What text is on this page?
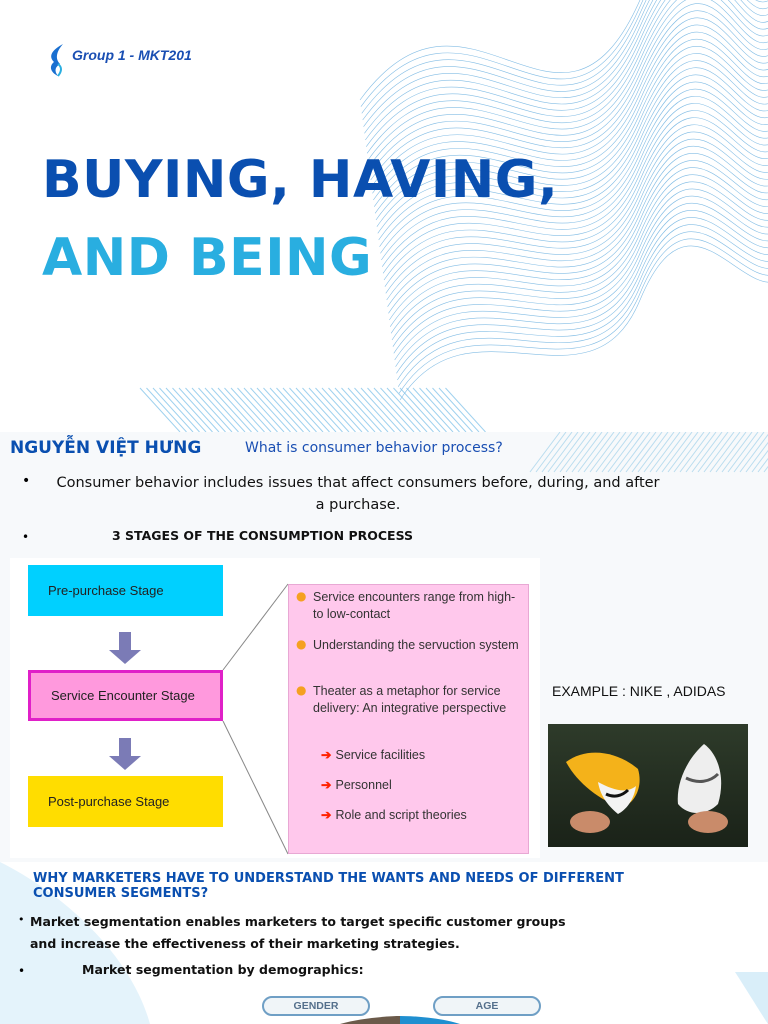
Group 1 - MKT201
BUYING, HAVING,
AND BEING
NGUYỄN VIỆT HƯNG	What is consumer behavior process?
•	Consumer behavior includes issues that affect consumers before, during, and after a purchase.
•	3 STAGES OF THE CONSUMPTION PROCESS
Pre-purchase Stage
Service Encounter Stage
Post-purchase Stage
● Service encounters range from high- to low-contact
● Understanding the servuction system
● Theater as a metaphor for service delivery: An integrative perspective
➔ Service facilities
➔ Personnel
➔ Role and script theories
EXAMPLE : NIKE , ADIDAS
WHY MARKETERS HAVE TO UNDERSTAND THE WANTS AND NEEDS OF DIFFERENT CONSUMER SEGMENTS?
• Market segmentation enables marketers to target specific customer groups and increase the effectiveness of their marketing strategies.
•	Market segmentation by demographics:
GENDER	AGE
